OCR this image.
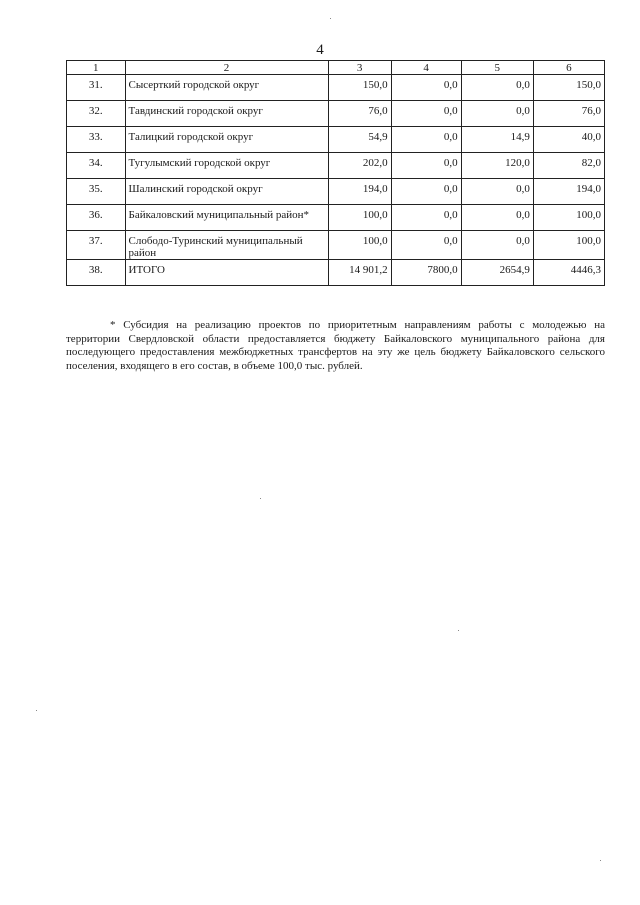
4
1	2	3	4	5	6
31.	Сысерткий городской округ	150,0	0,0	0,0	150,0
32.	Тавдинский городской округ	76,0	0,0	0,0	76,0
33.	Талицкий городской округ	54,9	0,0	14,9	40,0
34.	Тугулымский городской округ	202,0	0,0	120,0	82,0
35.	Шалинский городской округ	194,0	0,0	0,0	194,0
36.	Байкаловский муниципальный район*	100,0	0,0	0,0	100,0
37.	Слободо-Туринский муниципальный район	100,0	0,0	0,0	100,0
38.	ИТОГО	14 901,2	7800,0	2654,9	4446,3

* Субсидия на реализацию проектов по приоритетным направлениям работы с молодежью на территории Свердловской области предоставляется бюджету Байкаловского муниципального района для последующего предоставления межбюджетных трансфертов на эту же цель бюджету Байкаловского сельского поселения, входящего в его состав, в объеме 100,0 тыс. рублей.
